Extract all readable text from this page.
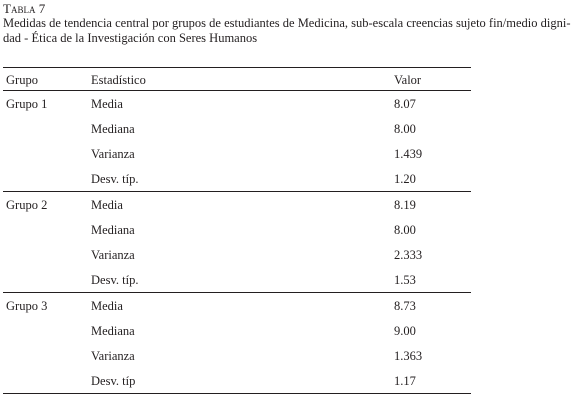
Tabla 7
Medidas de tendencia central por grupos de estudiantes de Medicina, sub-escala creencias sujeto fin/medio digni-dad - Ética de la Investigación con Seres Humanos
Grupo	Estadístico	Valor
Grupo 1	Media	8.07
Mediana	8.00
Varianza	1.439
Desv. típ.	1.20
Grupo 2	Media	8.19
Mediana	8.00
Varianza	2.333
Desv. típ.	1.53
Grupo 3	Media	8.73
Mediana	9.00
Varianza	1.363
Desv. típ	1.17
